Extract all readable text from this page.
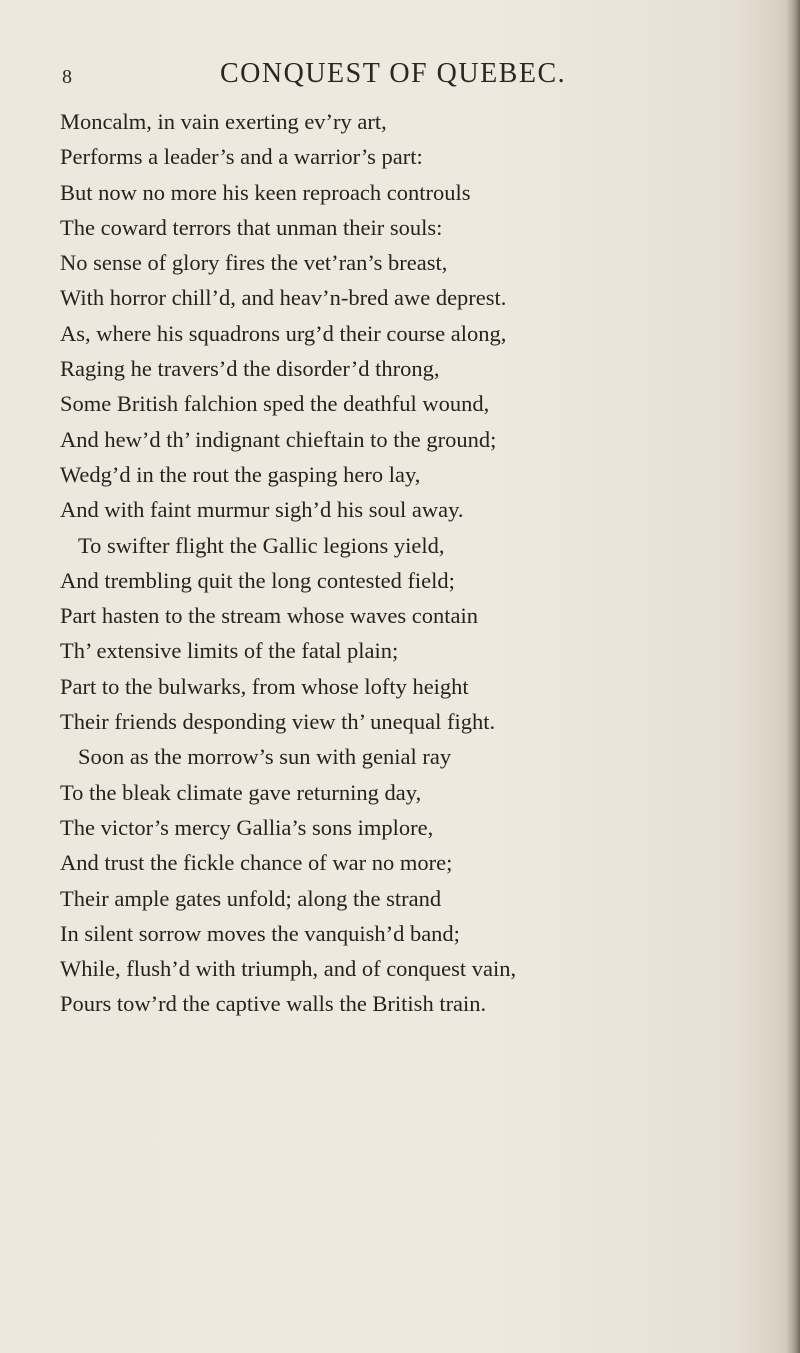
8	CONQUEST OF QUEBEC.
Moncalm, in vain exerting ev’ry art,
Performs a leader’s and a warrior’s part:
But now no more his keen reproach controuls
The coward terrors that unman their souls:
No sense of glory fires the vet’ran’s breast,
With horror chill’d, and heav’n-bred awe deprest.
As, where his squadrons urg’d their course along,
Raging he travers’d the disorder’d throng,
Some British falchion sped the deathful wound,
And hew’d th’ indignant chieftain to the ground;
Wedg’d in the rout the gasping hero lay,
And with faint murmur sigh’d his soul away.
To swifter flight the Gallic legions yield,
And trembling quit the long contested field;
Part hasten to the stream whose waves contain
Th’ extensive limits of the fatal plain;
Part to the bulwarks, from whose lofty height
Their friends desponding view th’ unequal fight.
Soon as the morrow’s sun with genial ray
To the bleak climate gave returning day,
The victor’s mercy Gallia’s sons implore,
And trust the fickle chance of war no more;
Their ample gates unfold; along the strand
In silent sorrow moves the vanquish’d band;
While, flush’d with triumph, and of conquest vain,
Pours tow’rd the captive walls the British train.
